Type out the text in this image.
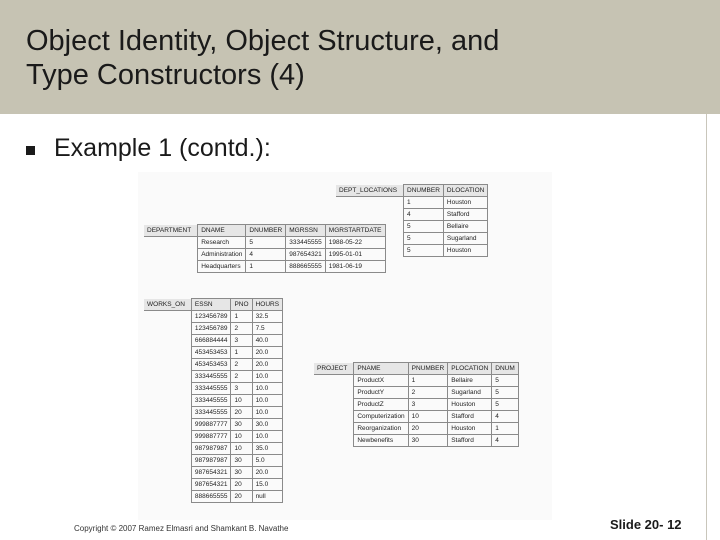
Object Identity, Object Structure, and
Type Constructors (4)
Example 1 (contd.):
DEPT_LOCATIONS	DNUMBER	DLOCATION
	1	Houston
	4	Stafford
	5	Bellaire
	5	Sugarland
	5	Houston
DEPARTMENT	DNAME	DNUMBER	MGRSSN	MGRSTARTDATE
	Research	5	333445555	1988-05-22
	Administration	4	987654321	1995-01-01
	Headquarters	1	888665555	1981-06-19
WORKS_ON	ESSN	PNO	HOURS
	123456789	1	32.5
	123456789	2	7.5
	666884444	3	40.0
	453453453	1	20.0
	453453453	2	20.0
	333445555	2	10.0
	333445555	3	10.0
	333445555	10	10.0
	333445555	20	10.0
	999887777	30	30.0
	999887777	10	10.0
	987987987	10	35.0
	987987987	30	5.0
	987654321	30	20.0
	987654321	20	15.0
	888665555	20	null
PROJECT	PNAME	PNUMBER	PLOCATION	DNUM
	ProductX	1	Bellaire	5
	ProductY	2	Sugarland	5
	ProductZ	3	Houston	5
	Computerization	10	Stafford	4
	Reorganization	20	Houston	1
	Newbenefits	30	Stafford	4
Copyright © 2007 Ramez Elmasri and Shamkant B. Navathe	Slide 20- 12
